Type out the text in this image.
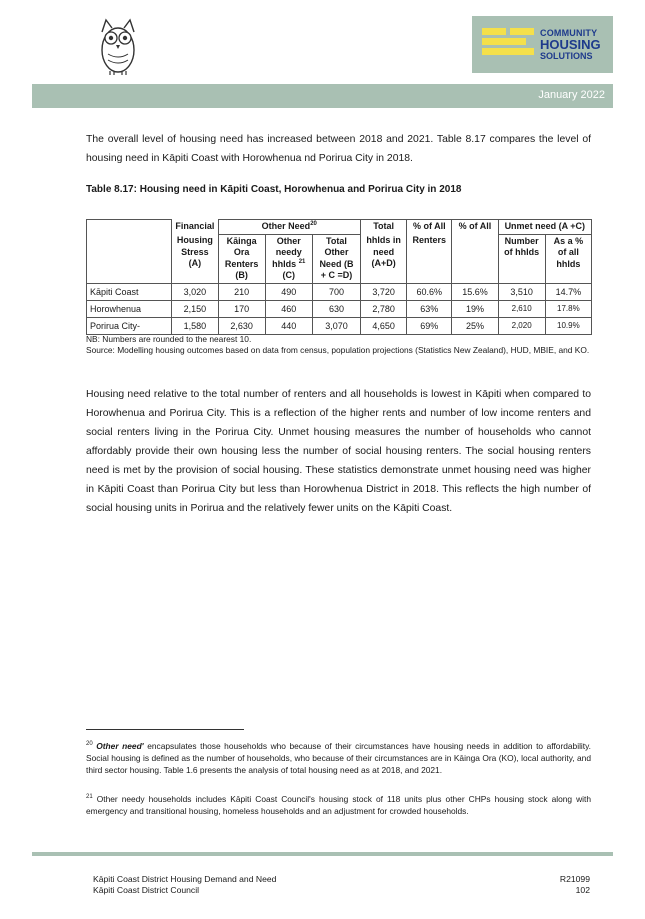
COMMUNITY
HOUSING
SOLUTIONS
January 2022

The overall level of housing need has increased between 2018 and 2021. Table 8.17 compares the level of housing need in Kāpiti Coast with Horowhenua nd Porirua City in 2018.

Table 8.17: Housing need in Kāpiti Coast, Horowhenua and Porirua City in 2018
	Financial	Other Need$^{20}$			Total	% of All	% of All	Unmet need (A +C)	
	Housing Stress (A)	Kāinga Ora Renters (B)	Other needy hhlds $^{21}$ (C)	Total Other Need (B + C =D)	hhlds in need (A+D)	Renters		Number of hhlds	As a % of all hhlds
Kāpiti Coast	3,020	210	490	700	3,720	60.6%	15.6%	3,510	14.7%
Horowhenua	2,150	170	460	630	2,780	63%	19%	2,610	17.8%
Porirua City-	1,580	2,630	440	3,070	4,650	69%	25%	2,020	10.9%
NB: Numbers are rounded to the nearest 10.
Source: Modelling housing outcomes based on data from census, population projections (Statistics New Zealand), HUD, MBIE, and KO.

Housing need relative to the total number of renters and all households is lowest in Kāpiti when compared to Horowhenua and Porirua City. This is a reflection of the higher rents and number of low income renters and social renters living in the Porirua City. Unmet housing measures the number of households who cannot affordably provide their own housing less the number of social housing renters. The social housing renters need is met by the provision of social housing. These statistics demonstrate unmet housing need was higher in Kāpiti Coast than Porirua City but less than Horowhenua District in 2018. This reflects the high number of social housing units in Porirua and the relatively fewer units on the Kāpiti Coast.

$^{20}$ Other need' encapsulates those households who because of their circumstances have housing needs in addition to affordability. Social housing is defined as the number of households, who because of their circumstances are in Kāinga Ora (KO), local authority, and third sector housing. Table 1.6 presents the analysis of total housing need as at 2018, and 2021.

$^{21}$ Other needy households includes Kāpiti Coast Council's housing stock of 118 units plus other CHPs housing stock along with emergency and transitional housing, homeless households and an adjustment for crowded households.

Kāpiti Coast District Housing Demand and Need
Kāpiti Coast District Council
R21099
102
